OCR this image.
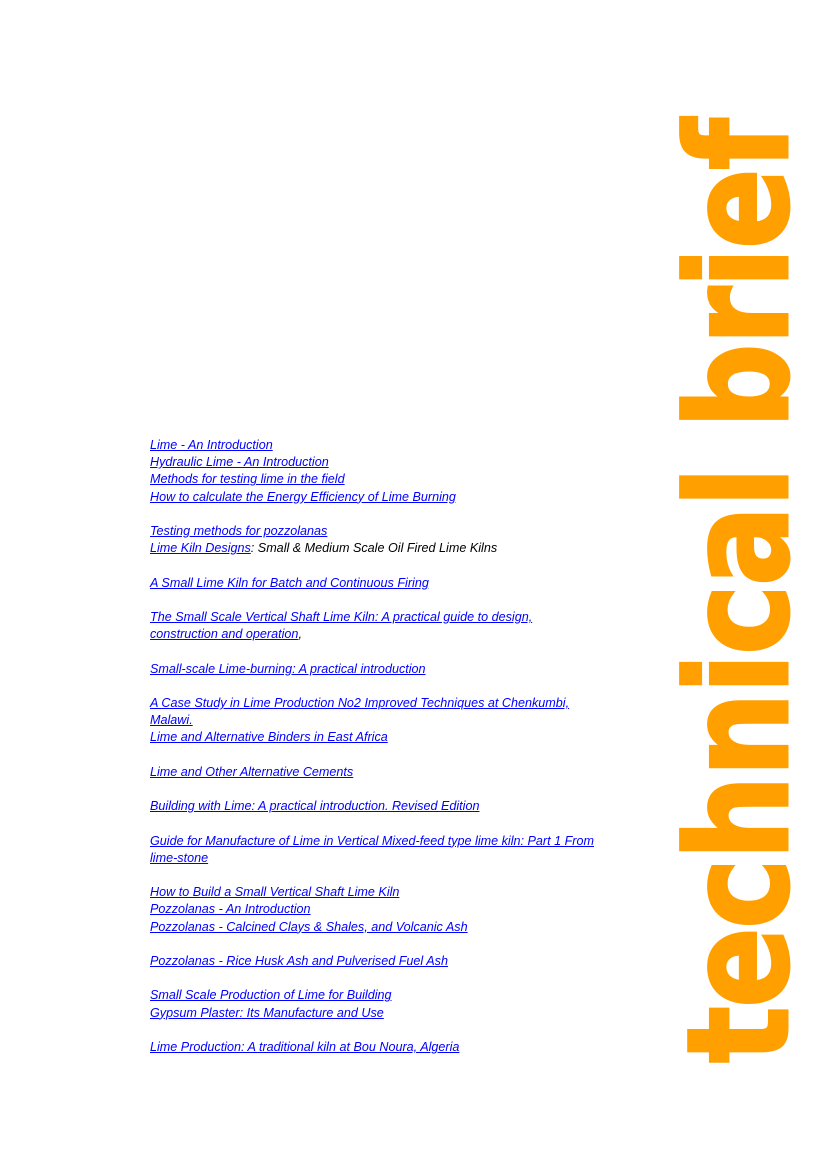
Lime - An Introduction
Hydraulic Lime - An Introduction
Methods for testing lime in the field
How to calculate the Energy Efficiency of Lime Burning
Testing methods for pozzolanas
Lime Kiln Designs: Small & Medium Scale Oil Fired Lime Kilns
A Small Lime Kiln for Batch and Continuous Firing
The Small Scale Vertical Shaft Lime Kiln: A practical guide to design,
construction and operation,
Small-scale Lime-burning: A practical introduction
A Case Study in Lime Production No2 Improved Techniques at Chenkumbi,
Malawi.
Lime and Alternative Binders in East Africa
Lime and Other Alternative Cements
Building with Lime: A practical introduction. Revised Edition
Guide for Manufacture of Lime in Vertical Mixed-feed type lime kiln: Part 1 From
lime-stone
How to Build a Small Vertical Shaft Lime Kiln
Pozzolanas - An Introduction
Pozzolanas - Calcined Clays & Shales, and Volcanic Ash
Pozzolanas - Rice Husk Ash and Pulverised Fuel Ash
Small Scale Production of Lime for Building
Gypsum Plaster: Its Manufacture and Use
Lime Production: A traditional kiln at Bou Noura, Algeria	technical brief
